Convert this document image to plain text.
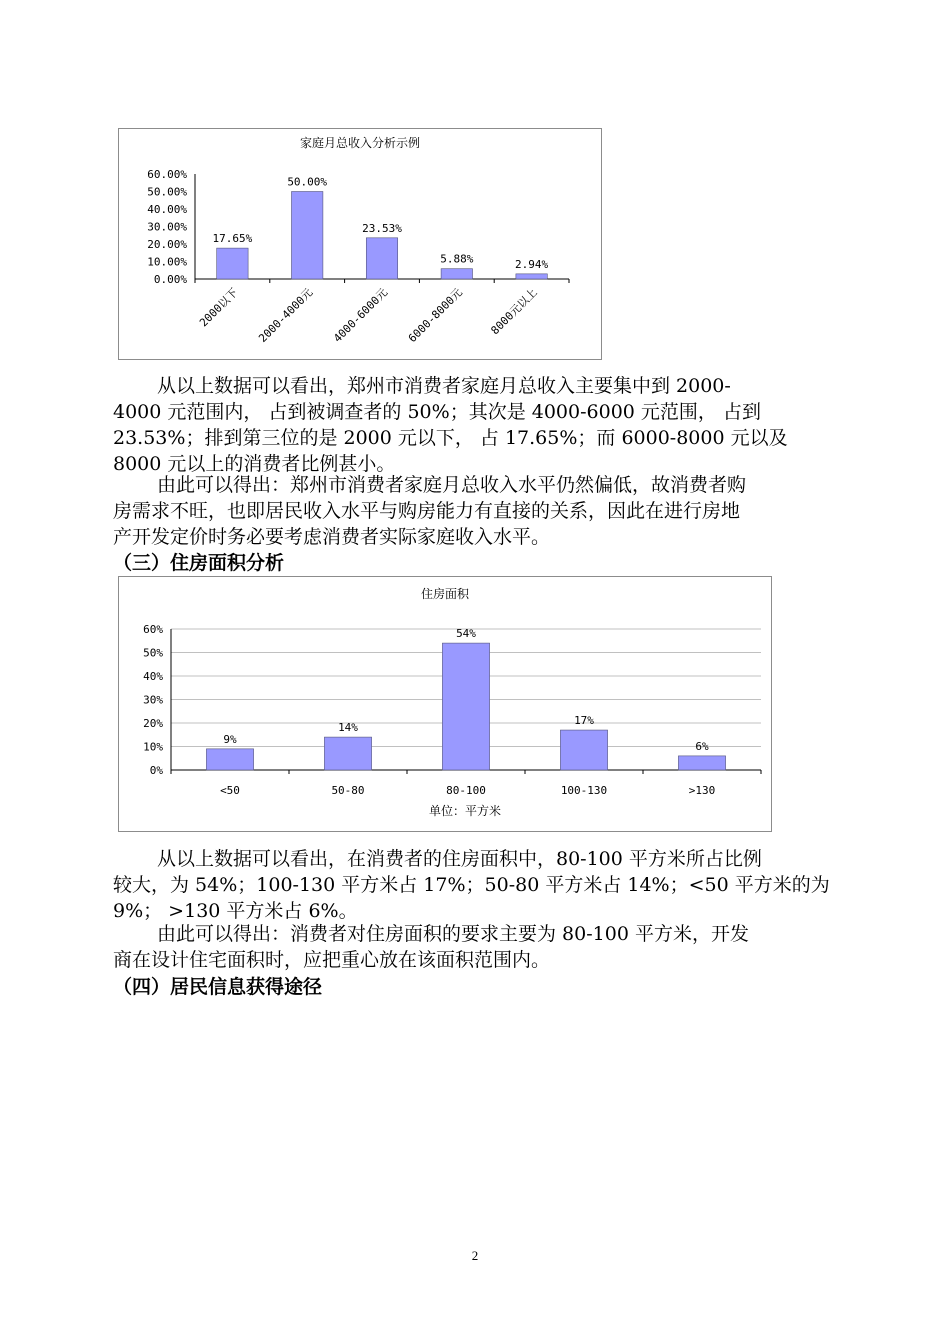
家庭月总收入分析示例
60.00%
50.00%
40.00%
30.00%
20.00%
10.00%
0.00%
17.65%
2000以下
50.00%
2000-4000元
23.53%
4000-6000元
5.88%
6000-8000元
2.94%
8000元以上
从以上数据可以看出，郑州市消费者家庭月总收入主要集中到 2000-
4000 元范围内， 占到被调查者的 50%；其次是 4000-6000 元范围， 占到
23.53%；排到第三位的是 2000 元以下， 占 17.65%；而 6000-8000 元以及
8000 元以上的消费者比例甚小。
由此可以得出：郑州市消费者家庭月总收入水平仍然偏低，故消费者购
房需求不旺，也即居民收入水平与购房能力有直接的关系，因此在进行房地
产开发定价时务必要考虑消费者实际家庭收入水平。
（三）住房面积分析
住房面积
60%
50%
40%
30%
20%
10%
0%
9%
<50
14%
50-80
54%
80-100
17%
100-130
6%
>130
单位：平方米
从以上数据可以看出，在消费者的住房面积中，80-100 平方米所占比例
较大，为 54%；100-130 平方米占 17%；50-80 平方米占 14%；<50 平方米的为
9%； >130 平方米占 6%。
由此可以得出：消费者对住房面积的要求主要为 80-100 平方米，开发
商在设计住宅面积时，应把重心放在该面积范围内。
（四）居民信息获得途径
2
